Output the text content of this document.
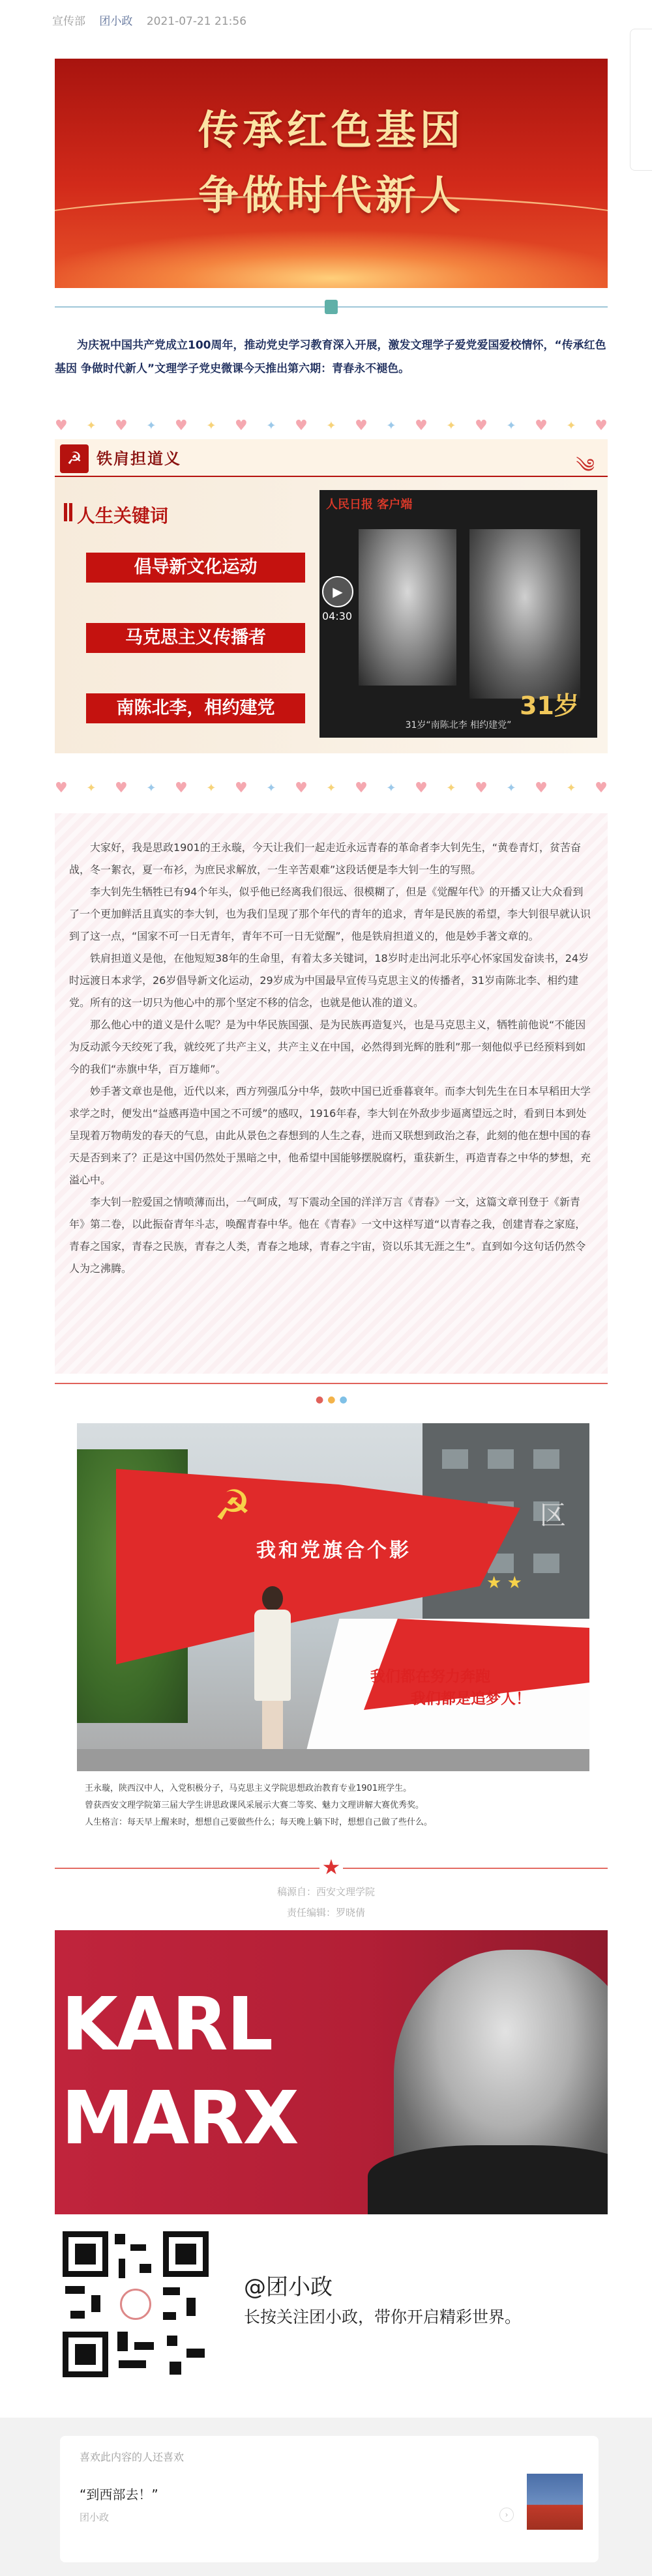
宣传部 团小政 2021-07-21 21:56
传承红色基因
争做时代新人
为庆祝中国共产党成立100周年，推动党史学习教育深入开展，激发文理学子爱党爱国爱校情怀，“传承红色基因 争做时代新人”文理学子党史微课今天推出第六期：青春永不褪色。
♥ ✦ ♥ ✦ ♥ ✦ ♥ ✦ ♥ ✦ ♥ ✦ ♥ ✦ ♥ ✦ ♥ ✦ ♥
☭ 铁肩担道义	༄
人生关键词
倡导新文化运动
马克思主义传播者
南陈北李，相约建党
人民日报 客户端
31岁
31岁“南陈北李 相约建党”
▶
04:30
♥ ✦ ♥ ✦ ♥ ✦ ♥ ✦ ♥ ✦ ♥ ✦ ♥ ✦ ♥ ✦ ♥ ✦ ♥

大家好，我是思政1901的王永璇，今天让我们一起走近永远青春的革命者李大钊先生，“黄卷青灯，贫苦奋战，冬一絮衣，夏一布衫，为庶民求解放，一生辛苦艰难”这段话便是李大钊一生的写照。

李大钊先生牺牲已有94个年头，似乎他已经离我们很远、很模糊了，但是《觉醒年代》的开播又让大众看到了一个更加鲜活且真实的李大钊，也为我们呈现了那个年代的青年的追求，青年是民族的希望，李大钊很早就认识到了这一点，“国家不可一日无青年，青年不可一日无觉醒”，他是铁肩担道义的，他是妙手著文章的。

铁肩担道义是他，在他短短38年的生命里，有着太多关键词，18岁时走出河北乐亭心怀家国发奋读书，24岁时远渡日本求学，26岁倡导新文化运动，29岁成为中国最早宣传马克思主义的传播者，31岁南陈北李、相约建党。所有的这一切只为他心中的那个坚定不移的信念，也就是他认准的道义。

那么他心中的道义是什么呢？是为中华民族国强、是为民族再造复兴，也是马克思主义，牺牲前他说“不能因为反动派今天绞死了我，就绞死了共产主义，共产主义在中国，必然得到光辉的胜利”那一刻他似乎已经预料到如今的我们“赤旗中华，百万雄师”。

妙手著文章也是他，近代以来，西方列强瓜分中华，鼓吹中国已近垂暮衰年。而李大钊先生在日本早稻田大学求学之时，便发出“益感再造中国之不可缓”的感叹，1916年春，李大钊在外敌步步逼离望远之时，看到日本到处呈现着万物萌发的春天的气息，由此从景色之春想到的人生之春，进而又联想到政治之春，此刻的他在想中国的春天是否到来了？正是这中国仍然处于黑暗之中，他希望中国能够摆脱腐朽，重获新生，再造青春之中华的梦想，充溢心中。

李大钊一腔爱国之情喷薄而出，一气呵成，写下震动全国的洋洋万言《青春》一文，这篇文章刊登于《新青年》第二卷，以此振奋青年斗志，唤醒青春中华。他在《青春》一文中这样写道“以青春之我，创建青春之家庭，青春之国家，青春之民族，青春之人类，青春之地球，青春之宇宙，资以乐其无涯之生”。直到如今这句话仍然令人为之沸腾。

●●●
区
☭
我和党旗合个影
★ ★
我们都在努力奔跑
我们都是追梦人！
王永璇，陕西汉中人，入党积极分子，马克思主义学院思想政治教育专业1901班学生。
曾获西安文理学院第三届大学生讲思政课风采展示大赛二等奖、魅力文理讲解大赛优秀奖。
人生格言：每天早上醒来时，想想自己要做些什么；每天晚上躺下时，想想自己做了些什么。
★
稿源自：西安文理学院
责任编辑：罗晓倩
KARL
MARX
@团小政
长按关注团小政，带你开启精彩世界。
喜欢此内容的人还喜欢
“到西部去！”
团小政	›
